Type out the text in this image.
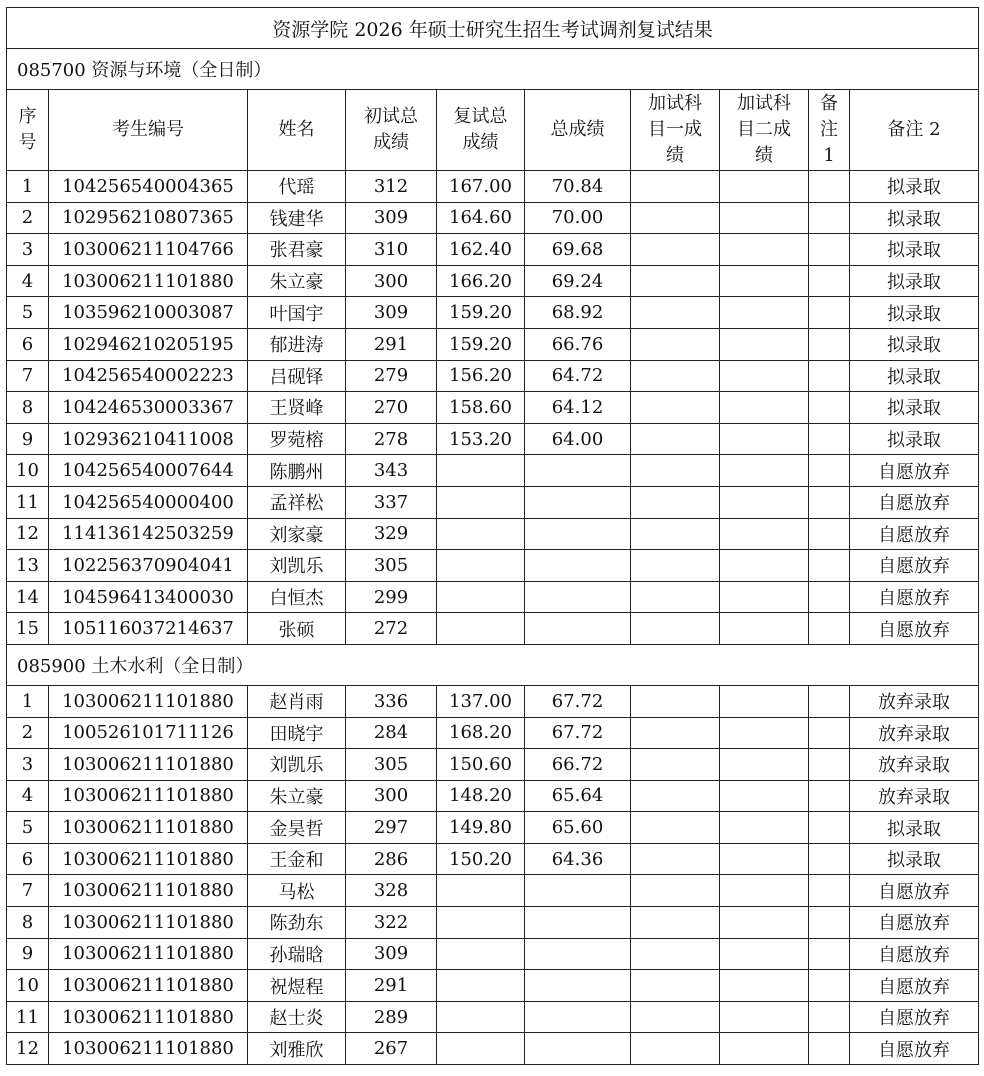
资源学院 2026 年硕士研究生招生考试调剂复试结果									
085700 资源与环境（全日制）									
序号	考生编号	姓名	初试总成绩	复试总成绩	总成绩	加试科目一成绩	加试科目二成绩	备注1	备注 2
1	104256540004365	代瑶	312	167.00	70.84				拟录取
2	102956210807365	钱建华	309	164.60	70.00				拟录取
3	103006211104766	张君豪	310	162.40	69.68				拟录取
4	103006211101880	朱立豪	300	166.20	69.24				拟录取
5	103596210003087	叶国宇	309	159.20	68.92				拟录取
6	102946210205195	郁进涛	291	159.20	66.76				拟录取
7	104256540002223	吕砚铎	279	156.20	64.72				拟录取
8	104246530003367	王贤峰	270	158.60	64.12				拟录取
9	102936210411008	罗菀榕	278	153.20	64.00				拟录取
10	104256540007644	陈鹏州	343						自愿放弃
11	104256540000400	孟祥松	337						自愿放弃
12	114136142503259	刘家豪	329						自愿放弃
13	102256370904041	刘凯乐	305						自愿放弃
14	104596413400030	白恒杰	299						自愿放弃
15	105116037214637	张硕	272						自愿放弃
085900 土木水利（全日制）									
1	103006211101880	赵肖雨	336	137.00	67.72				放弃录取
2	100526101711126	田晓宇	284	168.20	67.72				放弃录取
3	103006211101880	刘凯乐	305	150.60	66.72				放弃录取
4	103006211101880	朱立豪	300	148.20	65.64				放弃录取
5	103006211101880	金昊哲	297	149.80	65.60				拟录取
6	103006211101880	王金和	286	150.20	64.36				拟录取
7	103006211101880	马松	328						自愿放弃
8	103006211101880	陈劲东	322						自愿放弃
9	103006211101880	孙瑞晗	309						自愿放弃
10	103006211101880	祝煜程	291						自愿放弃
11	103006211101880	赵士炎	289						自愿放弃
12	103006211101880	刘雅欣	267						自愿放弃
